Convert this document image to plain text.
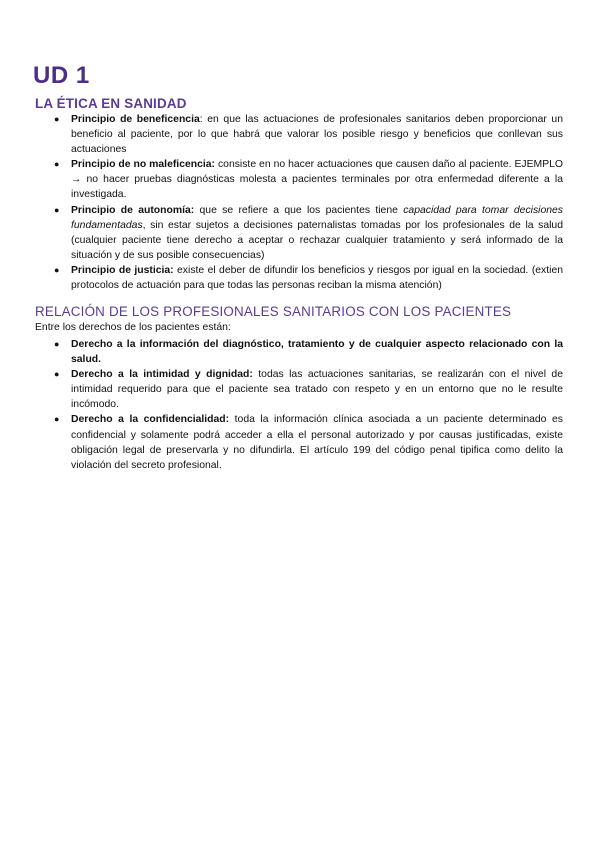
UD 1
LA ÉTICA EN SANIDAD
● Principio de beneficencia: en que las actuaciones de profesionales sanitarios deben proporcionar un beneficio al paciente, por lo que habrá que valorar los posible riesgo y beneficios que conllevan sus actuaciones
● Principio de no maleficencia: consiste en no hacer actuaciones que causen daño al paciente. EJEMPLO → no hacer pruebas diagnósticas molesta a pacientes terminales por otra enfermedad diferente a la investigada.
● Principio de autonomía: que se refiere a que los pacientes tiene capacidad para tomar decisiones fundamentadas, sin estar sujetos a decisiones paternalistas tomadas por los profesionales de la salud (cualquier paciente tiene derecho a aceptar o rechazar cualquier tratamiento y será informado de la situación y de sus posible consecuencias)
● Principio de justicia: existe el deber de difundir los beneficios y riesgos por igual en la sociedad. (extien protocolos de actuación para que todas las personas reciban la misma atención)
RELACIÓN DE LOS PROFESIONALES SANITARIOS CON LOS PACIENTES

Entre los derechos de los pacientes están:

● Derecho a la información del diagnóstico, tratamiento y de cualquier aspecto relacionado con la salud.
● Derecho a la intimidad y dignidad: todas las actuaciones sanitarias, se realizarán con el nivel de intimidad requerido para que el paciente sea tratado con respeto y en un entorno que no le resulte incómodo.
● Derecho a la confidencialidad: toda la información clínica asociada a un paciente determinado es confidencial y solamente podrá acceder a ella el personal autorizado y por causas justificadas, existe obligación legal de preservarla y no difundirla. El artículo 199 del código penal tipifica como delito la violación del secreto profesional.
